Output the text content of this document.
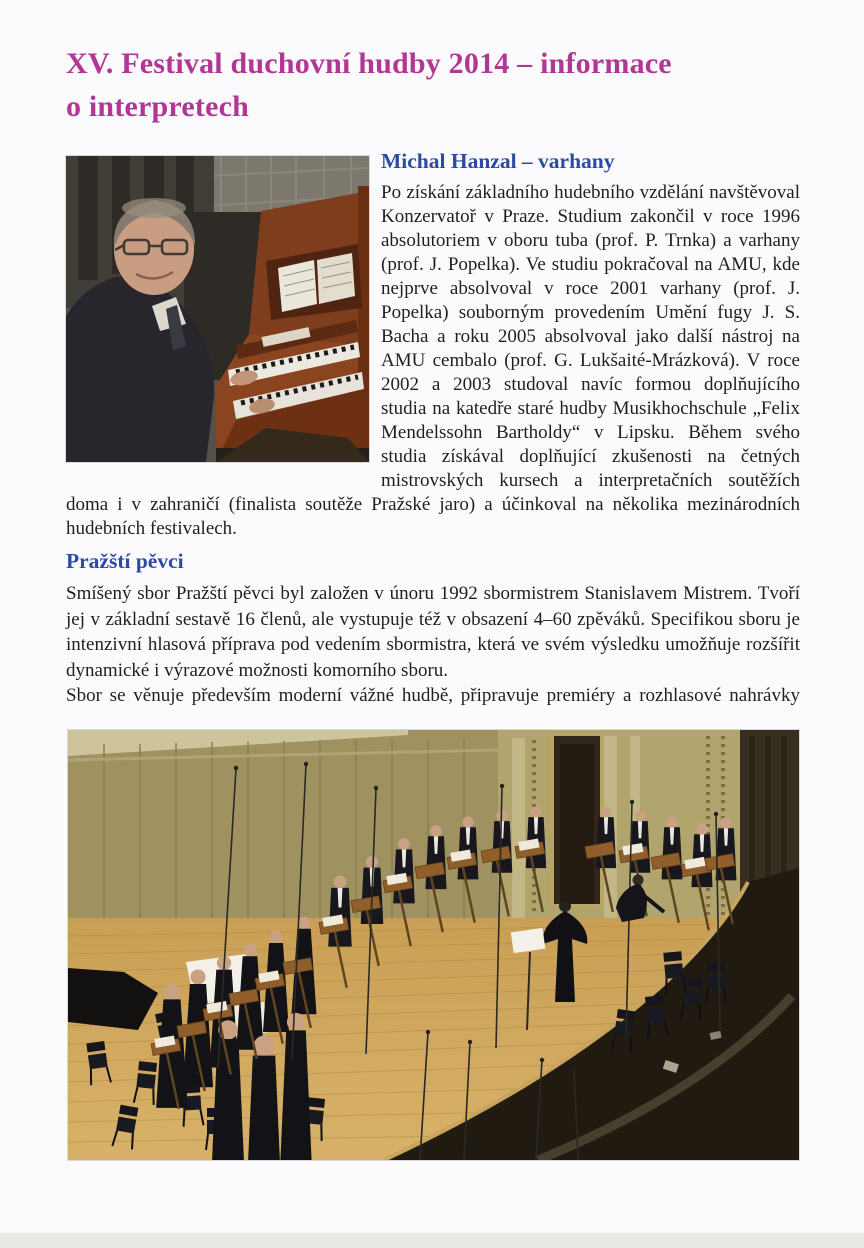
XV. Festival duchovní hudby 2014 – informace
o interpretech
Michal Hanzal – varhany

Po získání základního hudebního vzdělání navštěvoval Konzervatoř v Praze. Studium zakončil v roce 1996 absolutoriem v oboru tuba (prof. P. Trnka) a varhany (prof. J. Popelka). Ve studiu pokračoval na AMU, kde nejprve absolvoval v roce 2001 varhany (prof. J. Popelka) souborným provedením Umění fugy J. S. Bacha a roku 2005 absolvoval jako další nástroj na AMU cembalo (prof. G. Lukšaité-Mrázková). V roce 2002 a 2003 studoval navíc formou doplňujícího studia na katedře staré hudby Musikhochschule „Felix Mendelssohn Bartholdy“ v Lipsku. Během svého studia získával doplňující zkušenosti na četných mistrovských kursech a interpretačních soutěžích doma i v zahraničí (finalista soutěže Pražské jaro) a účinkoval na několika mezinárodních hudebních festivalech.

Pražští pěvci

Smíšený sbor Pražští pěvci byl založen v únoru 1992 sbormistrem Stanislavem Mistrem. Tvoří jej v základní sestavě 16 členů, ale vystupuje též v obsazení 4–60 zpěváků. Specifikou sboru je intenzivní hlasová příprava pod vedením sbormistra, která ve svém výsledku umožňuje rozšířit dynamické i výrazové možnosti komorního sboru.

Sbor se věnuje především moderní vážné hudbě, připravuje premiéry a rozhlasové nahrávky
